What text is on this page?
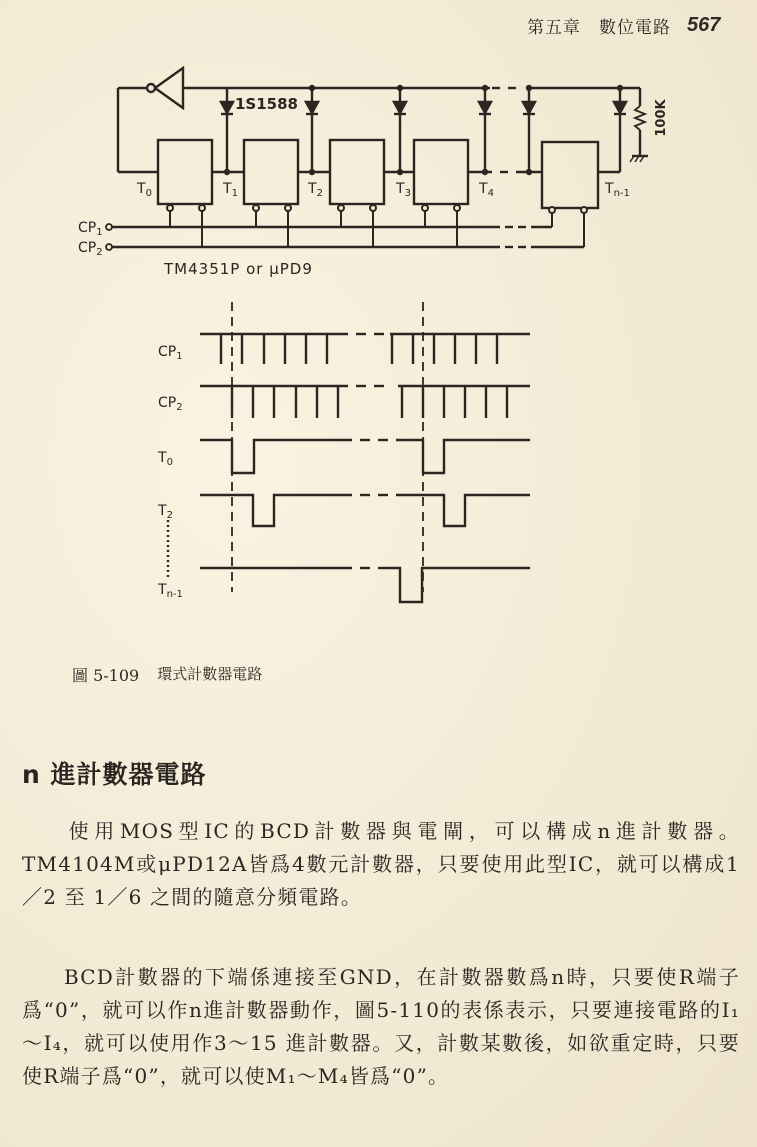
第五章　數位電路 567
100K
1S1588
$T_0$	$T_1$	$T_2$	$T_3$	$T_4$	$T_{n-1}$
$CP_1$
$CP_2$
TM4351P or μPD9
$CP_1$
$CP_2$
$T_0$
$T_2$
$T_{n-1}$
圖 5-109 環式計數器電路
n 進計數器電路
使用MOS型IC的BCD計數器與電閘，可以構成n進計數器。TM4104M或μPD12A皆爲4數元計數器，只要使用此型IC，就可以構成1／2 至 1／6 之間的隨意分頻電路。
BCD計數器的下端係連接至GND，在計數器數爲n時，只要使R端子爲“0”，就可以作n進計數器動作，圖5-110的表係表示，只要連接電路的I₁～I₄，就可以使用作3～15 進計數器。又，計數某數後，如欲重定時，只要使R端子爲“0”，就可以使M₁～M₄皆爲“0”。
